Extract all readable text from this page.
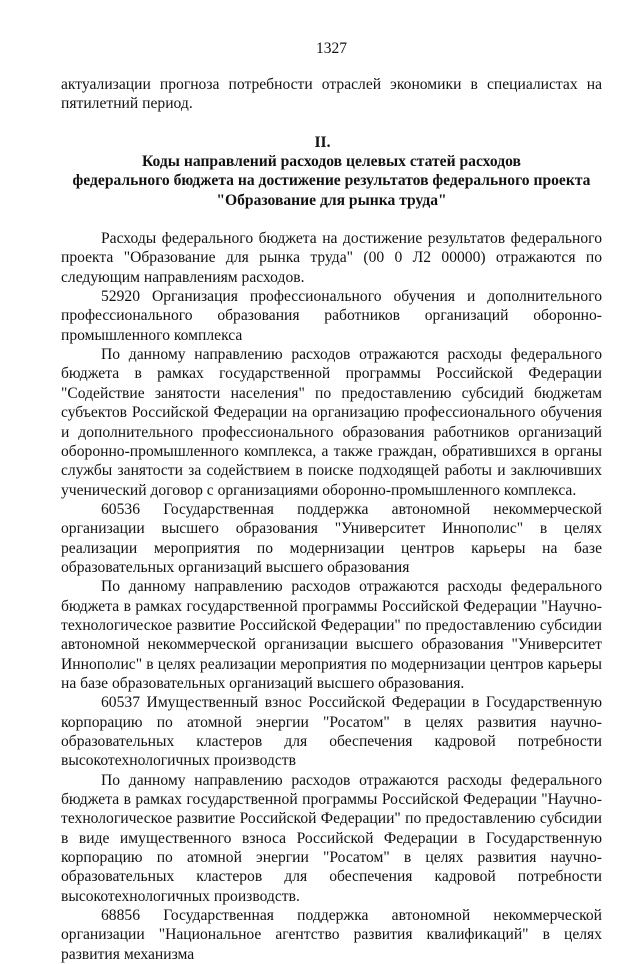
1327

актуализации прогноза потребности отраслей экономики в специалистах на пятилетний период.

II.
Коды направлений расходов целевых статей расходов
федерального бюджета на достижение результатов федерального проекта
"Образование для рынка труда"

Расходы федерального бюджета на достижение результатов федерального проекта "Образование для рынка труда" (00 0 Л2 00000) отражаются по следующим направлениям расходов.

52920 Организация профессионального обучения и дополнительного профессионального образования работников организаций оборонно-промышленного комплекса

По данному направлению расходов отражаются расходы федерального бюджета в рамках государственной программы Российской Федерации "Содействие занятости населения" по предоставлению субсидий бюджетам субъектов Российской Федерации на организацию профессионального обучения и дополнительного профессионального образования работников организаций оборонно-промышленного комплекса, а также граждан, обратившихся в органы службы занятости за содействием в поиске подходящей работы и заключивших ученический договор с организациями оборонно-промышленного комплекса.

60536 Государственная поддержка автономной некоммерческой организации высшего образования "Университет Иннополис" в целях реализации мероприятия по модернизации центров карьеры на базе образовательных организаций высшего образования

По данному направлению расходов отражаются расходы федерального бюджета в рамках государственной программы Российской Федерации "Научно-технологическое развитие Российской Федерации" по предоставлению субсидии автономной некоммерческой организации высшего образования "Университет Иннополис" в целях реализации мероприятия по модернизации центров карьеры на базе образовательных организаций высшего образования.

60537 Имущественный взнос Российской Федерации в Государственную корпорацию по атомной энергии "Росатом" в целях развития научно-образовательных кластеров для обеспечения кадровой потребности высокотехнологичных производств

По данному направлению расходов отражаются расходы федерального бюджета в рамках государственной программы Российской Федерации "Научно-технологическое развитие Российской Федерации" по предоставлению субсидии в виде имущественного взноса Российской Федерации в Государственную корпорацию по атомной энергии "Росатом" в целях развития научно-образовательных кластеров для обеспечения кадровой потребности высокотехнологичных производств.

68856 Государственная поддержка автономной некоммерческой организации "Национальное агентство развития квалификаций" в целях развития механизма
